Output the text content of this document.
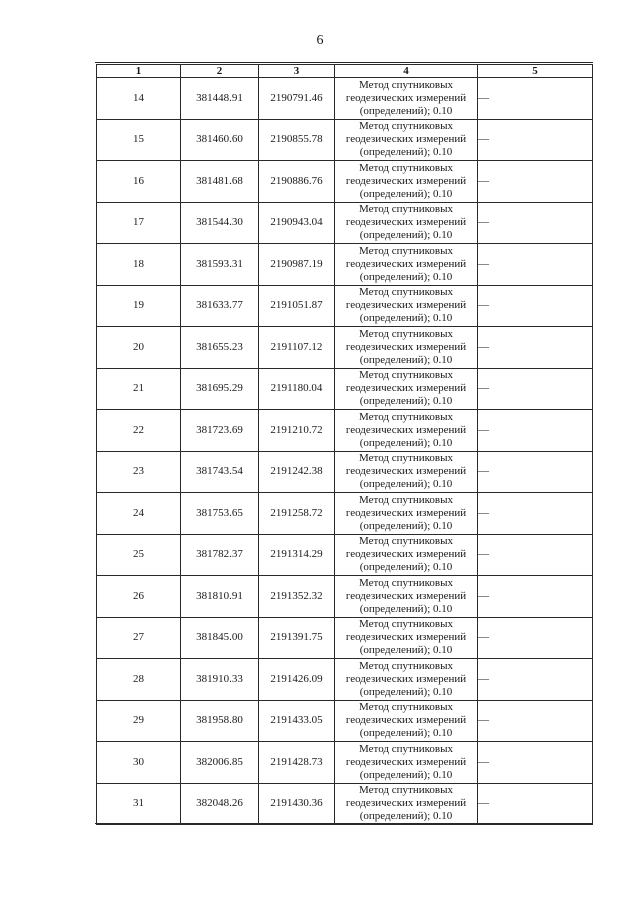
6
1	2	3	4	5
14	381448.91	2190791.46	Метод спутниковых
геодезических измерений
(определений); 0.10	—
15	381460.60	2190855.78	Метод спутниковых
геодезических измерений
(определений); 0.10	—
16	381481.68	2190886.76	Метод спутниковых
геодезических измерений
(определений); 0.10	—
17	381544.30	2190943.04	Метод спутниковых
геодезических измерений
(определений); 0.10	—
18	381593.31	2190987.19	Метод спутниковых
геодезических измерений
(определений); 0.10	—
19	381633.77	2191051.87	Метод спутниковых
геодезических измерений
(определений); 0.10	—
20	381655.23	2191107.12	Метод спутниковых
геодезических измерений
(определений); 0.10	—
21	381695.29	2191180.04	Метод спутниковых
геодезических измерений
(определений); 0.10	—
22	381723.69	2191210.72	Метод спутниковых
геодезических измерений
(определений); 0.10	—
23	381743.54	2191242.38	Метод спутниковых
геодезических измерений
(определений); 0.10	—
24	381753.65	2191258.72	Метод спутниковых
геодезических измерений
(определений); 0.10	—
25	381782.37	2191314.29	Метод спутниковых
геодезических измерений
(определений); 0.10	—
26	381810.91	2191352.32	Метод спутниковых
геодезических измерений
(определений); 0.10	—
27	381845.00	2191391.75	Метод спутниковых
геодезических измерений
(определений); 0.10	—
28	381910.33	2191426.09	Метод спутниковых
геодезических измерений
(определений); 0.10	—
29	381958.80	2191433.05	Метод спутниковых
геодезических измерений
(определений); 0.10	—
30	382006.85	2191428.73	Метод спутниковых
геодезических измерений
(определений); 0.10	—
31	382048.26	2191430.36	Метод спутниковых
геодезических измерений
(определений); 0.10	—
